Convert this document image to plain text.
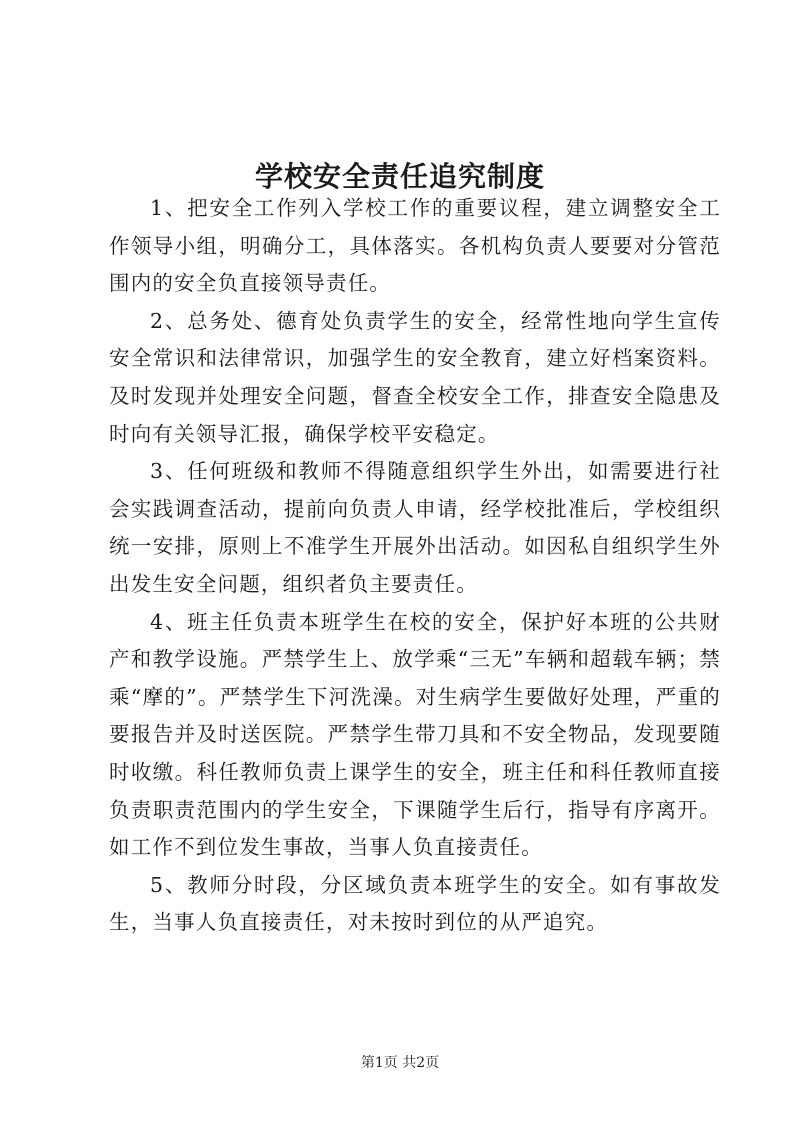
学校安全责任追究制度

1、把安全工作列入学校工作的重要议程，建立调整安全工作领导小组，明确分工，具体落实。各机构负责人要要对分管范围内的安全负直接领导责任。

2、总务处、德育处负责学生的安全，经常性地向学生宣传安全常识和法律常识，加强学生的安全教育，建立好档案资料。及时发现并处理安全问题，督查全校安全工作，排查安全隐患及时向有关领导汇报，确保学校平安稳定。

3、任何班级和教师不得随意组织学生外出，如需要进行社会实践调查活动，提前向负责人申请，经学校批准后，学校组织统一安排，原则上不准学生开展外出活动。如因私自组织学生外出发生安全问题，组织者负主要责任。

4、班主任负责本班学生在校的安全，保护好本班的公共财产和教学设施。严禁学生上、放学乘“三无”车辆和超载车辆；禁乘“摩的”。严禁学生下河洗澡。对生病学生要做好处理，严重的要报告并及时送医院。严禁学生带刀具和不安全物品，发现要随时收缴。科任教师负责上课学生的安全，班主任和科任教师直接负责职责范围内的学生安全，下课随学生后行，指导有序离开。如工作不到位发生事故，当事人负直接责任。

5、教师分时段，分区域负责本班学生的安全。如有事故发生，当事人负直接责任，对未按时到位的从严追究。

第1页 共2页
